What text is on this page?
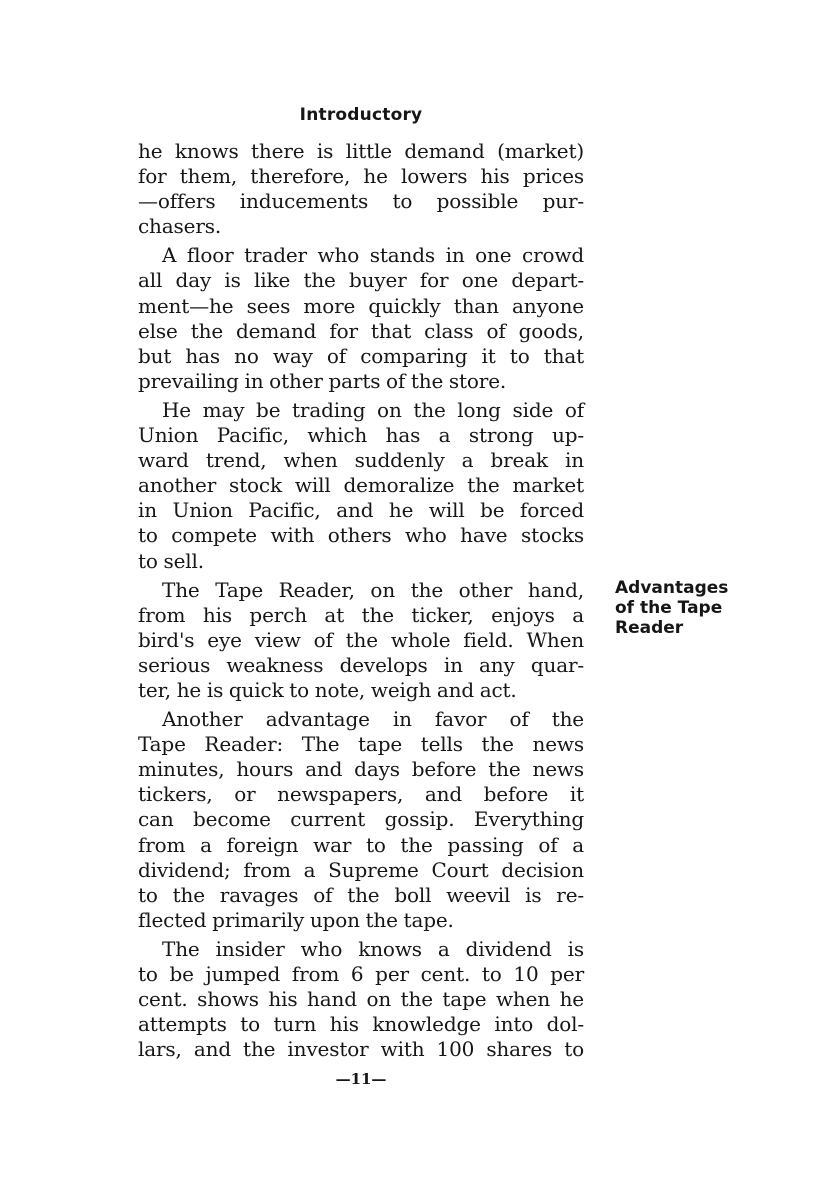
Introductory
he knows there is little demand (market)
for them, therefore, he lowers his prices
—offers inducements to possible pur-
chasers.
A floor trader who stands in one crowd
all day is like the buyer for one depart-
ment—he sees more quickly than anyone
else the demand for that class of goods,
but has no way of comparing it to that
prevailing in other parts of the store.
He may be trading on the long side of
Union Pacific, which has a strong up-
ward trend, when suddenly a break in
another stock will demoralize the market
in Union Pacific, and he will be forced
to compete with others who have stocks
to sell.
The Tape Reader, on the other hand,
from his perch at the ticker, enjoys a
bird's eye view of the whole field. When
serious weakness develops in any quar-
ter, he is quick to note, weigh and act.
Another advantage in favor of the
Tape Reader: The tape tells the news
minutes, hours and days before the news
tickers, or newspapers, and before it
can become current gossip. Everything
from a foreign war to the passing of a
dividend; from a Supreme Court decision
to the ravages of the boll weevil is re-
flected primarily upon the tape.
The insider who knows a dividend is
to be jumped from 6 per cent. to 10 per
cent. shows his hand on the tape when he
attempts to turn his knowledge into dol-
lars, and the investor with 100 shares to
Advantages
of the Tape
Reader
—11—
